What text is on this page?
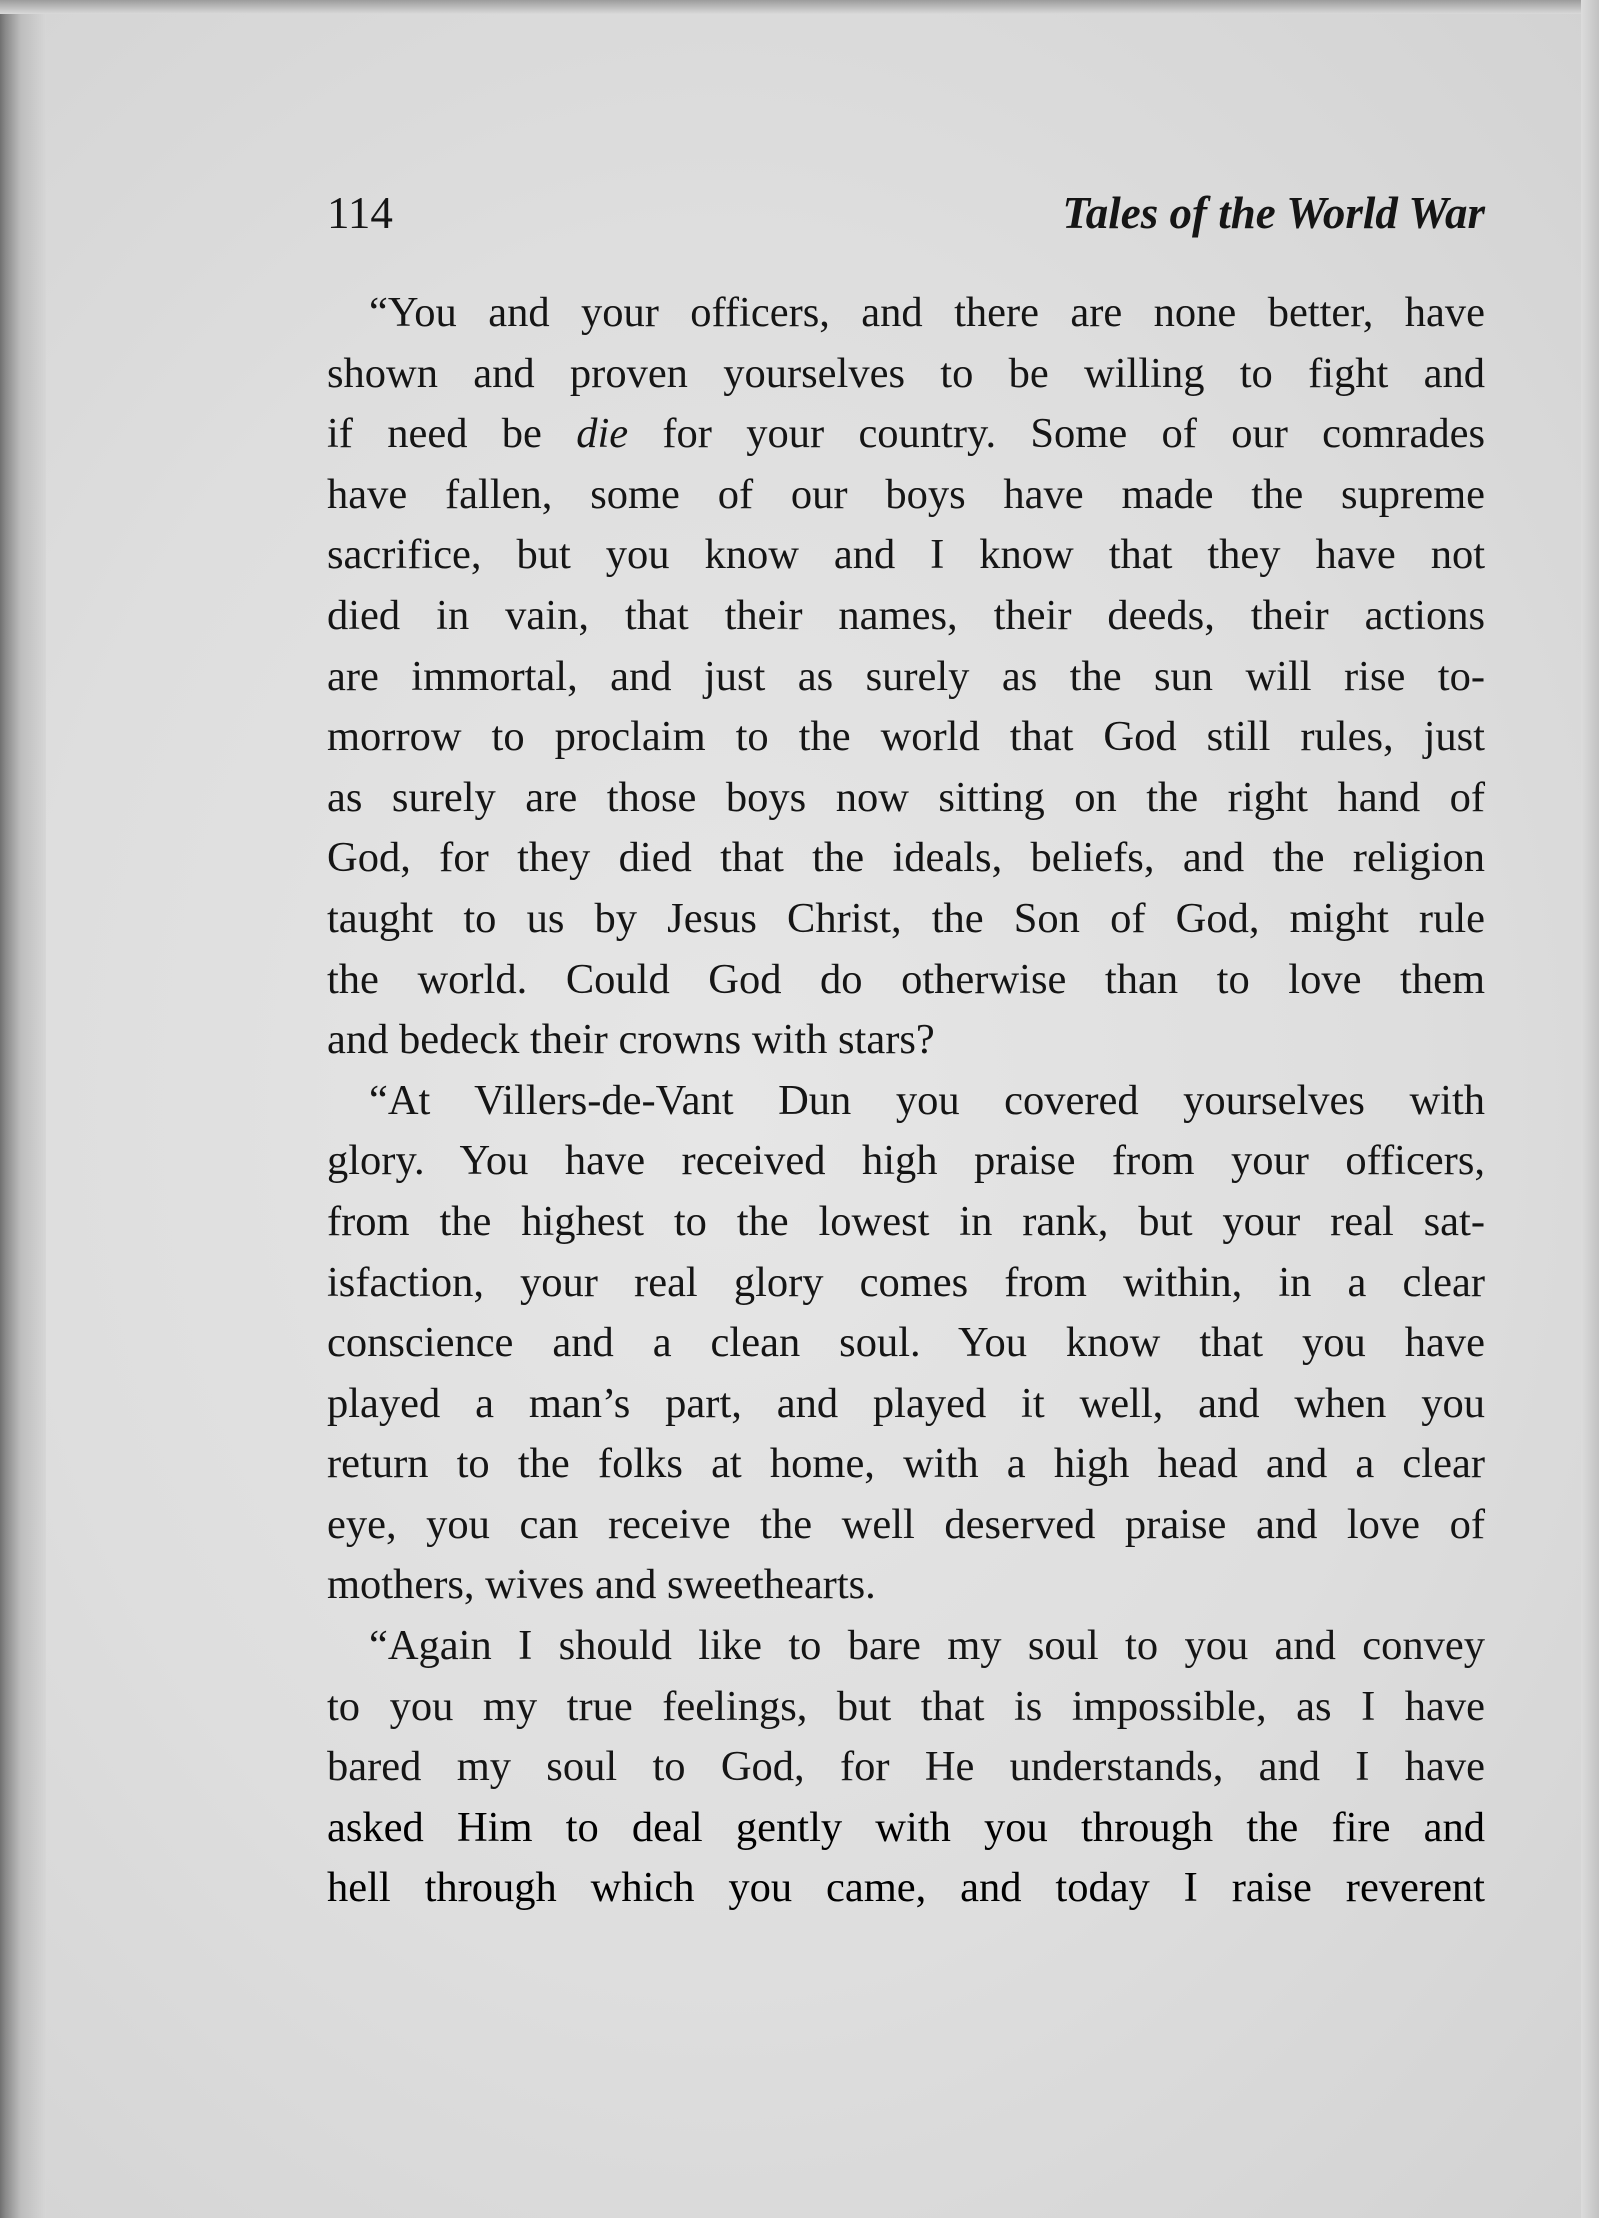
114	Tales of the World War
“You and your officers, and there are none better, have
shown and proven yourselves to be willing to fight and
if need be die for your country. Some of our comrades
have fallen, some of our boys have made the supreme
sacrifice, but you know and I know that they have not
died in vain, that their names, their deeds, their actions
are immortal, and just as surely as the sun will rise to-
morrow to proclaim to the world that God still rules, just
as surely are those boys now sitting on the right hand of
God, for they died that the ideals, beliefs, and the religion
taught to us by Jesus Christ, the Son of God, might rule
the world. Could God do otherwise than to love them
and bedeck their crowns with stars?
“At Villers-de-Vant Dun you covered yourselves with
glory. You have received high praise from your officers,
from the highest to the lowest in rank, but your real sat-
isfaction, your real glory comes from within, in a clear
conscience and a clean soul. You know that you have
played a man’s part, and played it well, and when you
return to the folks at home, with a high head and a clear
eye, you can receive the well deserved praise and love of
mothers, wives and sweethearts.
“Again I should like to bare my soul to you and convey
to you my true feelings, but that is impossible, as I have
bared my soul to God, for He understands, and I have
asked Him to deal gently with you through the fire and
hell through which you came, and today I raise reverent
